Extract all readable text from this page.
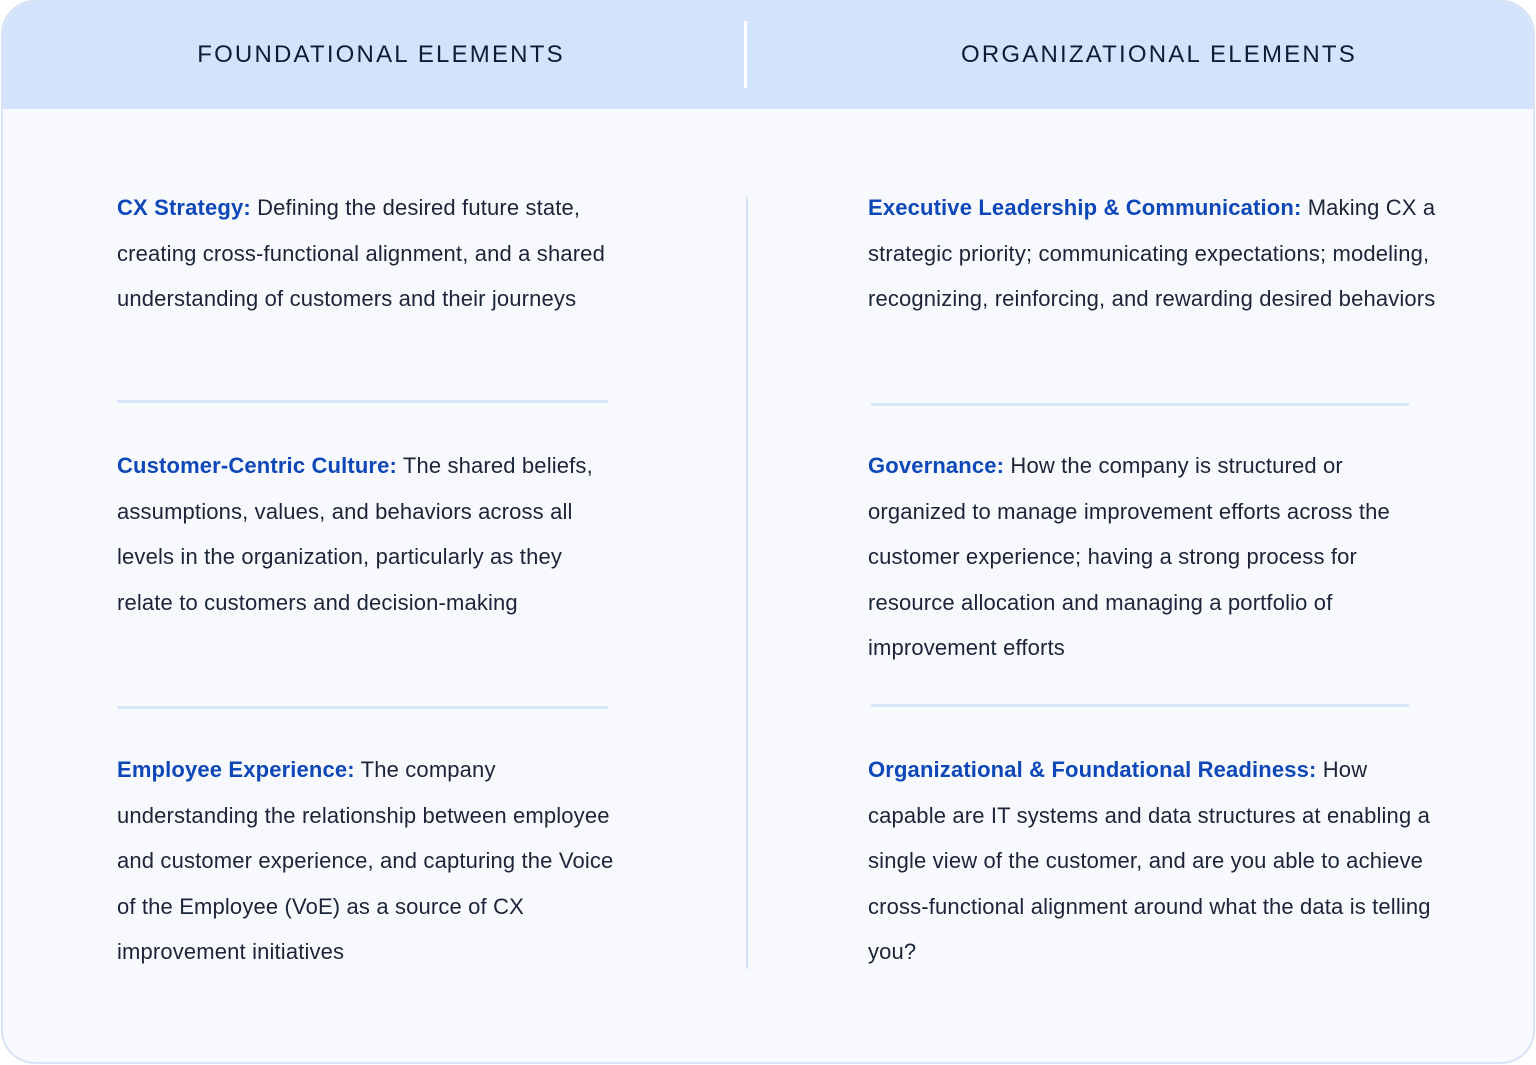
FOUNDATIONAL ELEMENTS	ORGANIZATIONAL ELEMENTS
CX Strategy: Defining the desired future state, creating cross-functional alignment, and a shared understanding of customers and their journeys
Customer-Centric Culture: The shared beliefs, assumptions, values, and behaviors across all levels in the organization, particularly as they relate to customers and decision-making
Employee Experience: The company understanding the relationship between employee and customer experience, and capturing the Voice of the Employee (VoE) as a source of CX improvement initiatives
Executive Leadership & Communication: Making CX a strategic priority; communicating expectations; modeling, recognizing, reinforcing, and rewarding desired behaviors
Governance: How the company is structured or organized to manage improvement efforts across the customer experience; having a strong process for resource allocation and managing a portfolio of improvement efforts
Organizational & Foundational Readiness: How capable are IT systems and data structures at enabling a single view of the customer, and are you able to achieve cross-functional alignment around what the data is telling you?
